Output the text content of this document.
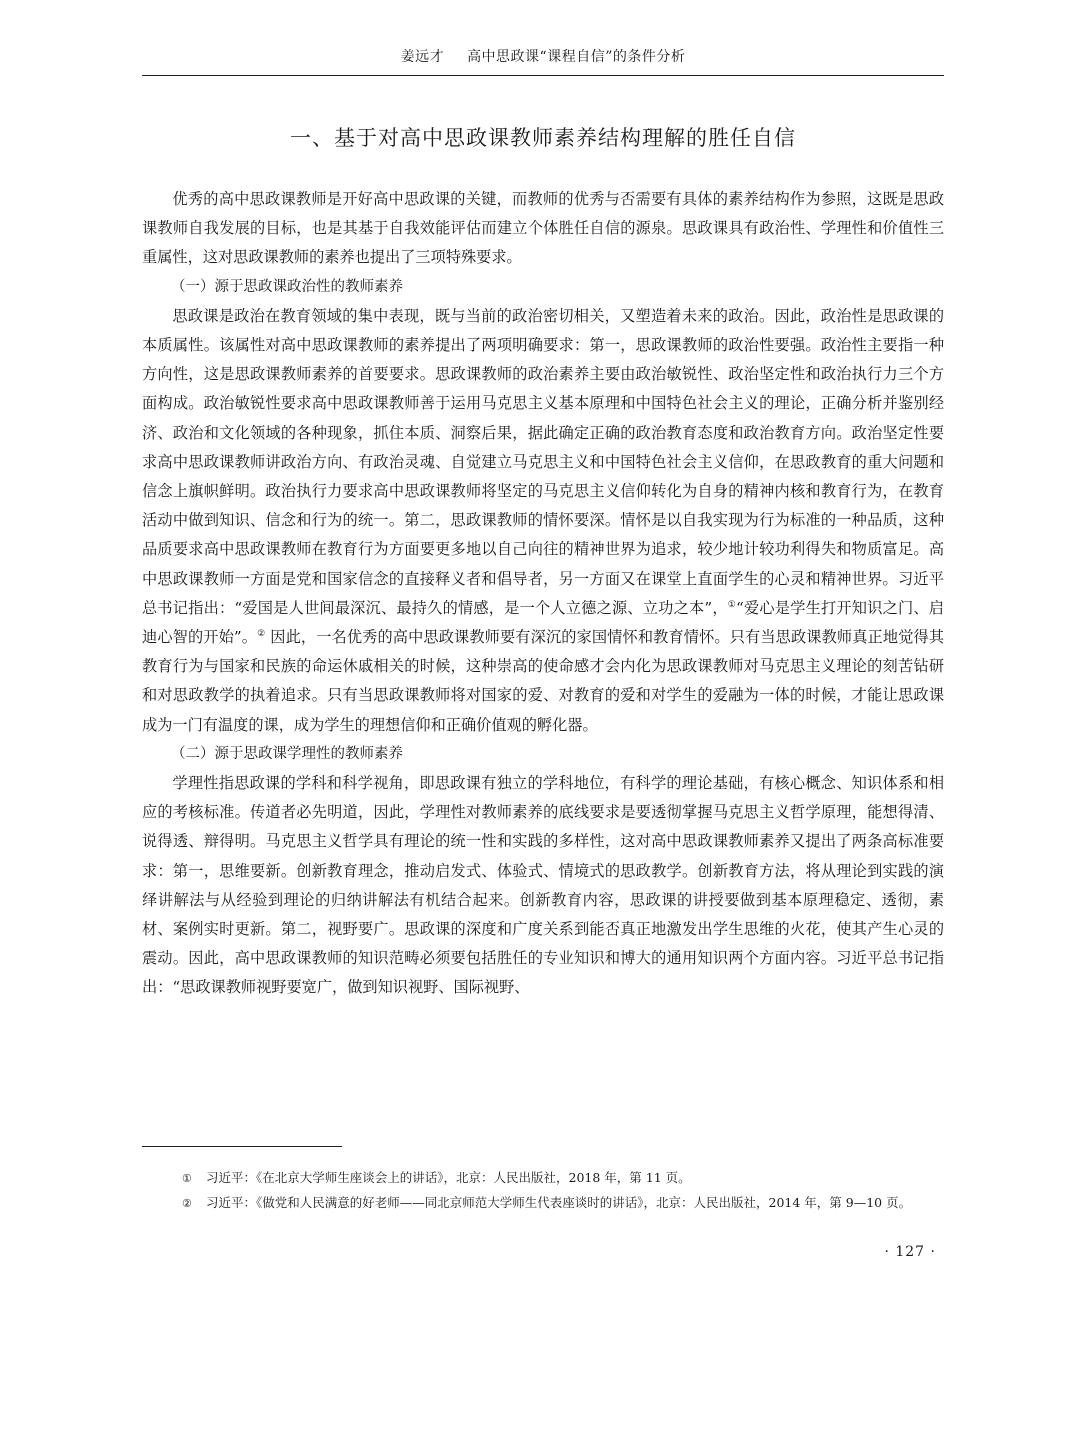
姜远才 高中思政课“课程自信”的条件分析
一、基于对高中思政课教师素养结构理解的胜任自信

优秀的高中思政课教师是开好高中思政课的关键，而教师的优秀与否需要有具体的素养结构作为参照，这既是思政课教师自我发展的目标，也是其基于自我效能评估而建立个体胜任自信的源泉。思政课具有政治性、学理性和价值性三重属性，这对思政课教师的素养也提出了三项特殊要求。

（一）源于思政课政治性的教师素养

思政课是政治在教育领域的集中表现，既与当前的政治密切相关，又塑造着未来的政治。因此，政治性是思政课的本质属性。该属性对高中思政课教师的素养提出了两项明确要求：第一，思政课教师的政治性要强。政治性主要指一种方向性，这是思政课教师素养的首要要求。思政课教师的政治素养主要由政治敏锐性、政治坚定性和政治执行力三个方面构成。政治敏锐性要求高中思政课教师善于运用马克思主义基本原理和中国特色社会主义的理论，正确分析并鉴别经济、政治和文化领域的各种现象，抓住本质、洞察后果，据此确定正确的政治教育态度和政治教育方向。政治坚定性要求高中思政课教师讲政治方向、有政治灵魂、自觉建立马克思主义和中国特色社会主义信仰，在思政教育的重大问题和信念上旗帜鲜明。政治执行力要求高中思政课教师将坚定的马克思主义信仰转化为自身的精神内核和教育行为，在教育活动中做到知识、信念和行为的统一。第二，思政课教师的情怀要深。情怀是以自我实现为行为标准的一种品质，这种品质要求高中思政课教师在教育行为方面要更多地以自己向往的精神世界为追求，较少地计较功利得失和物质富足。高中思政课教师一方面是党和国家信念的直接释义者和倡导者，另一方面又在课堂上直面学生的心灵和精神世界。习近平总书记指出：“爱国是人世间最深沉、最持久的情感，是一个人立德之源、立功之本”，①“爱心是学生打开知识之门、启迪心智的开始”。② 因此，一名优秀的高中思政课教师要有深沉的家国情怀和教育情怀。只有当思政课教师真正地觉得其教育行为与国家和民族的命运休戚相关的时候，这种崇高的使命感才会内化为思政课教师对马克思主义理论的刻苦钻研和对思政教学的执着追求。只有当思政课教师将对国家的爱、对教育的爱和对学生的爱融为一体的时候，才能让思政课成为一门有温度的课，成为学生的理想信仰和正确价值观的孵化器。

（二）源于思政课学理性的教师素养

学理性指思政课的学科和科学视角，即思政课有独立的学科地位，有科学的理论基础，有核心概念、知识体系和相应的考核标准。传道者必先明道，因此，学理性对教师素养的底线要求是要透彻掌握马克思主义哲学原理，能想得清、说得透、辩得明。马克思主义哲学具有理论的统一性和实践的多样性，这对高中思政课教师素养又提出了两条高标准要求：第一，思维要新。创新教育理念，推动启发式、体验式、情境式的思政教学。创新教育方法，将从理论到实践的演绎讲解法与从经验到理论的归纳讲解法有机结合起来。创新教育内容，思政课的讲授要做到基本原理稳定、透彻，素材、案例实时更新。第二，视野要广。思政课的深度和广度关系到能否真正地激发出学生思维的火花，使其产生心灵的震动。因此，高中思政课教师的知识范畴必须要包括胜任的专业知识和博大的通用知识两个方面内容。习近平总书记指出：“思政课教师视野要宽广，做到知识视野、国际视野、

① 习近平：《在北京大学师生座谈会上的讲话》，北京：人民出版社，2018 年，第 11 页。

② 习近平：《做党和人民满意的好老师——同北京师范大学师生代表座谈时的讲话》，北京：人民出版社，2014 年，第 9—10 页。

· 127 ·
